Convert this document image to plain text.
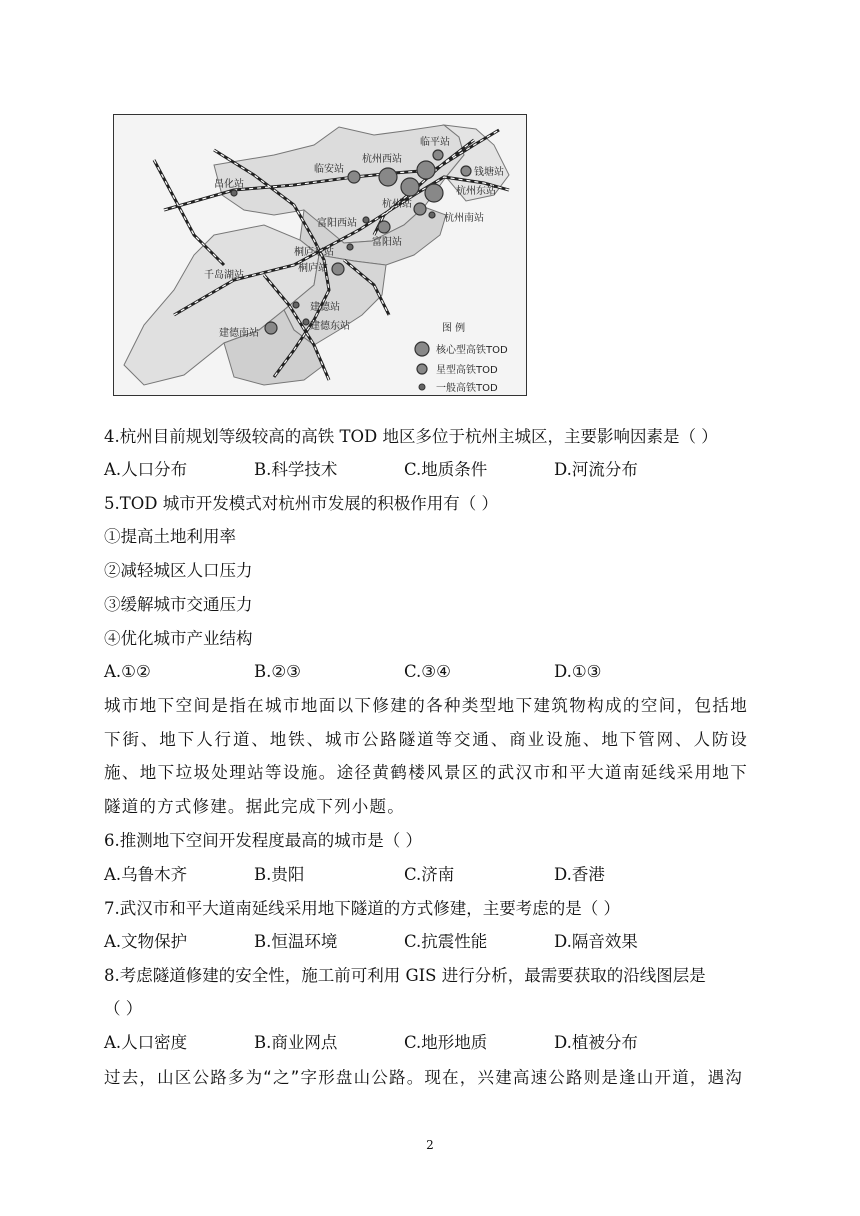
临平站
临安站
杭州西站
钱塘站
杭州东站
昌化站
杭州站
富阳西站	杭州南站
富阳站
桐庐东站
桐庐站
千岛湖站
建德站
建德南站
建德东站	图 例
核心型高铁TOD
星型高铁TOD
一般高铁TOD
4.杭州目前规划等级较高的高铁 TOD 地区多位于杭州主城区，主要影响因素是（ ）
A.人口分布	B.科学技术	C.地质条件	D.河流分布
5.TOD 城市开发模式对杭州市发展的积极作用有（ ）
①提高土地利用率
②减轻城区人口压力
③缓解城市交通压力
④优化城市产业结构
A.①②	B.②③	C.③④	D.①③
城市地下空间是指在城市地面以下修建的各种类型地下建筑物构成的空间，包括地下街、地下人行道、地铁、城市公路隧道等交通、商业设施、地下管网、人防设施、地下垃圾处理站等设施。途径黄鹤楼风景区的武汉市和平大道南延线采用地下隧道的方式修建。据此完成下列小题。
6.推测地下空间开发程度最高的城市是（ ）
A.乌鲁木齐	B.贵阳	C.济南	D.香港
7.武汉市和平大道南延线采用地下隧道的方式修建，主要考虑的是（ ）
A.文物保护	B.恒温环境	C.抗震性能	D.隔音效果
8.考虑隧道修建的安全性，施工前可利用 GIS 进行分析，最需要获取的沿线图层是
（ ）
A.人口密度	B.商业网点	C.地形地质	D.植被分布
过去，山区公路多为“之”字形盘山公路。现在，兴建高速公路则是逢山开道，遇沟
2
